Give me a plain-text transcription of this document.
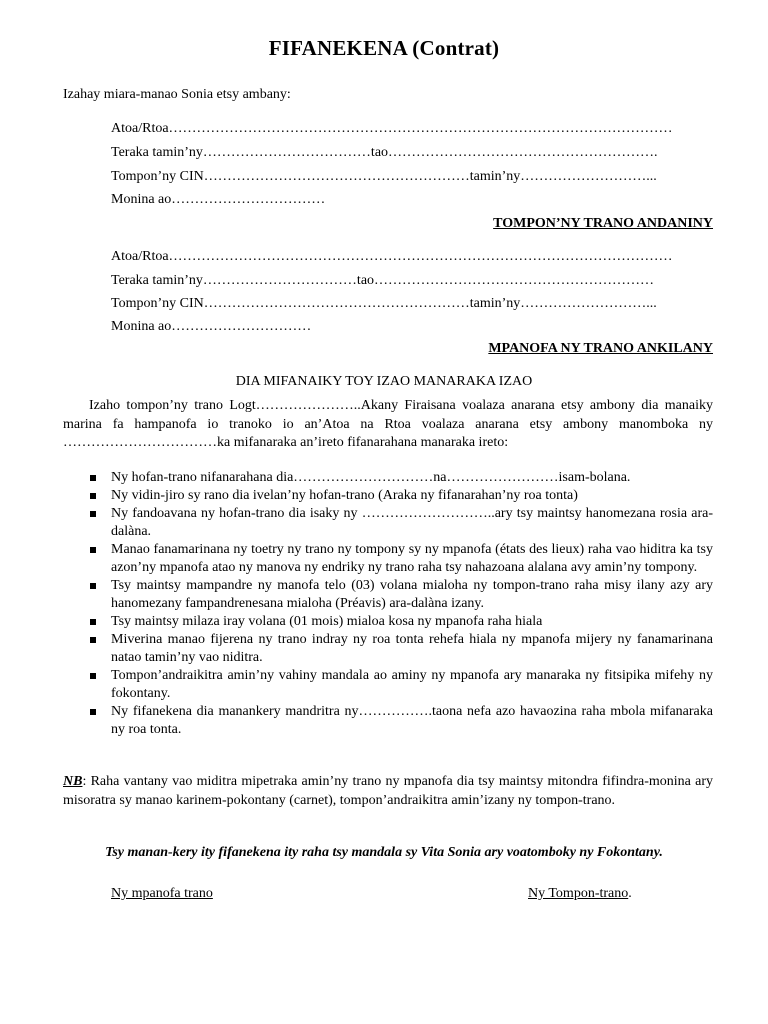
FIFANEKENA (Contrat)
Izahay miara-manao Sonia etsy ambany:
Atoa/Rtoa………………………………………………………………………………………………
Teraka tamin’ny………………………………tao………………………………………………….
Tompon’ny CIN…………………………………………………tamin’ny………………………...
Monina ao……………………………
TOMPON’NY TRANO ANDANINY
Atoa/Rtoa………………………………………………………………………………………………
Teraka tamin’ny……………………………tao……………………………………………………
Tompon’ny CIN…………………………………………………tamin’ny………………………...
Monina ao…………………………
MPANOFA NY TRANO ANKILANY
DIA MIFANAIKY TOY IZAO MANARAKA IZAO
Izaho tompon’ny trano Logt…………………..Akany Firaisana voalaza anarana etsy ambony dia manaiky marina fa hampanofa io tranoko io an’Atoa na Rtoa voalaza anarana etsy ambony manomboka ny ……………………………ka mifanaraka an’ireto fifanarahana manaraka ireto:
Ny hofan-trano nifanarahana dia…………………………na……………………isam-bolana.
Ny vidin-jiro sy rano dia ivelan’ny hofan-trano (Araka ny fifanarahan’ny roa tonta)
Ny fandoavana ny hofan-trano dia isaky ny ………………………..ary tsy maintsy hanomezana rosia ara-dalàna.
Manao fanamarinana ny toetry ny trano ny tompony sy ny mpanofa (états des lieux) raha vao hiditra ka tsy azon’ny mpanofa atao ny manova ny endriky ny trano raha tsy nahazoana alalana avy amin’ny tompony.
Tsy maintsy mampandre ny manofa telo (03) volana mialoha ny tompon-trano raha misy ilany azy ary hanomezany fampandrenesana mialoha (Préavis) ara-dalàna izany.
Tsy maintsy milaza iray volana (01 mois) mialoa kosa ny mpanofa raha hiala
Miverina manao fijerena ny trano indray ny roa tonta rehefa hiala ny mpanofa mijery ny fanamarinana natao tamin’ny vao niditra.
Tompon’andraikitra amin’ny vahiny mandala ao aminy ny mpanofa ary manaraka ny fitsipika mifehy ny fokontany.
Ny fifanekena dia manankery mandritra ny…………….taona nefa azo havaozina raha mbola mifanaraka ny roa tonta.
NB: Raha vantany vao miditra mipetraka amin’ny trano ny mpanofa dia tsy maintsy mitondra fifindra-monina ary misoratra sy manao karinem-pokontany (carnet), tompon’andraikitra amin’izany ny tompon-trano.
Tsy manan-kery ity fifanekena ity raha tsy mandala sy Vita Sonia ary voatomboky ny Fokontany.
Ny mpanofa trano	Ny Tompon-trano.
